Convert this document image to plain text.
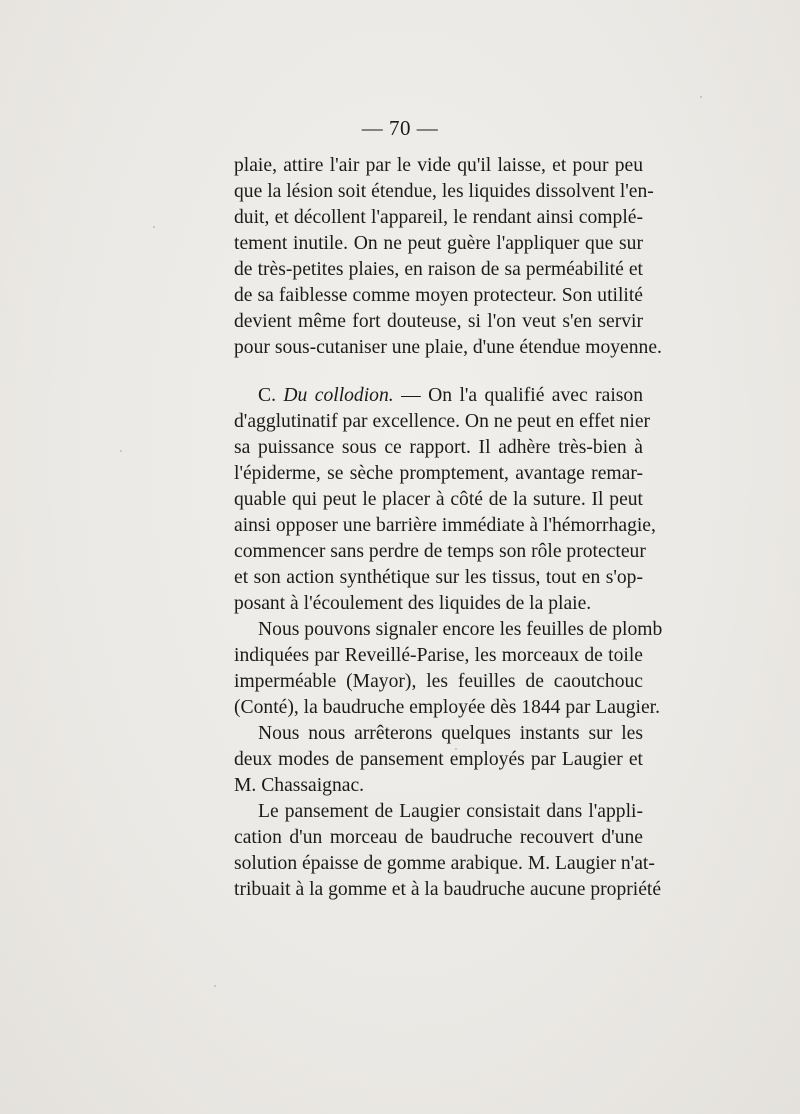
— 70 —
plaie, attire l'air par le vide qu'il laisse, et pour peu
que la lésion soit étendue, les liquides dissolvent l'en-
duit, et décollent l'appareil, le rendant ainsi complé-
tement inutile. On ne peut guère l'appliquer que sur
de très-petites plaies, en raison de sa perméabilité et
de sa faiblesse comme moyen protecteur. Son utilité
devient même fort douteuse, si l'on veut s'en servir
pour sous-cutaniser une plaie, d'une étendue moyenne.
C. Du collodion. — On l'a qualifié avec raison
d'agglutinatif par excellence. On ne peut en effet nier
sa puissance sous ce rapport. Il adhère très-bien à
l'épiderme, se sèche promptement, avantage remar-
quable qui peut le placer à côté de la suture. Il peut
ainsi opposer une barrière immédiate à l'hémorrhagie,
commencer sans perdre de temps son rôle protecteur
et son action synthétique sur les tissus, tout en s'op-
posant à l'écoulement des liquides de la plaie.
Nous pouvons signaler encore les feuilles de plomb
indiquées par Reveillé-Parise, les morceaux de toile
imperméable (Mayor), les feuilles de caoutchouc
(Conté), la baudruche employée dès 1844 par Laugier.
Nous nous arrêterons quelques instants sur les
deux modes de pansement employés par Laugier et
M. Chassaignac.
Le pansement de Laugier consistait dans l'appli-
cation d'un morceau de baudruche recouvert d'une
solution épaisse de gomme arabique. M. Laugier n'at-
tribuait à la gomme et à la baudruche aucune propriété
